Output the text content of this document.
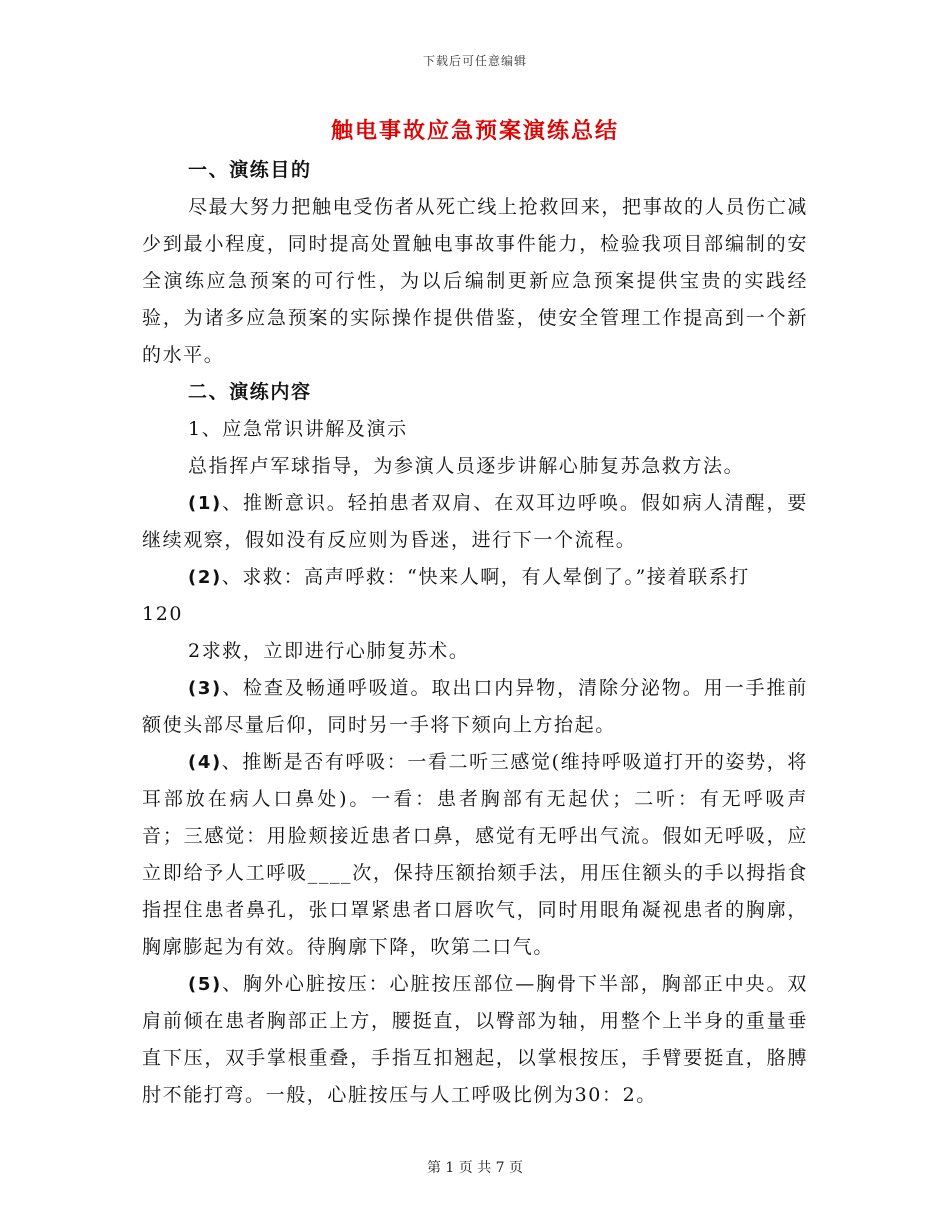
下载后可任意编辑
触电事故应急预案演练总结
一、演练目的

尽最大努力把触电受伤者从死亡线上抢救回来，把事故的人员伤亡减少到最小程度，同时提高处置触电事故事件能力，检验我项目部编制的安全演练应急预案的可行性，为以后编制更新应急预案提供宝贵的实践经验，为诸多应急预案的实际操作提供借鉴，使安全管理工作提高到一个新的水平。

二、演练内容

1、应急常识讲解及演示

总指挥卢军球指导，为参演人员逐步讲解心肺复苏急救方法。

(1)、推断意识。轻拍患者双肩、在双耳边呼唤。假如病人清醒，要继续观察，假如没有反应则为昏迷，进行下一个流程。

(2)、求救：高声呼救：“快来人啊，有人晕倒了。”接着联系打

120

2求救，立即进行心肺复苏术。

(3)、检查及畅通呼吸道。取出口内异物，清除分泌物。用一手推前额使头部尽量后仰，同时另一手将下颏向上方抬起。

(4)、推断是否有呼吸：一看二听三感觉(维持呼吸道打开的姿势，将耳部放在病人口鼻处)。一看：患者胸部有无起伏；二听：有无呼吸声音；三感觉：用脸颊接近患者口鼻，感觉有无呼出气流。假如无呼吸，应立即给予人工呼吸____次，保持压额抬颏手法，用压住额头的手以拇指食指捏住患者鼻孔，张口罩紧患者口唇吹气，同时用眼角凝视患者的胸廓，胸廓膨起为有效。待胸廓下降，吹第二口气。

(5)、胸外心脏按压：心脏按压部位—胸骨下半部，胸部正中央。双肩前倾在患者胸部正上方，腰挺直，以臀部为轴，用整个上半身的重量垂直下压，双手掌根重叠，手指互扣翘起，以掌根按压，手臂要挺直，胳膊肘不能打弯。一般，心脏按压与人工呼吸比例为30：2。

第 1 页 共 7 页
